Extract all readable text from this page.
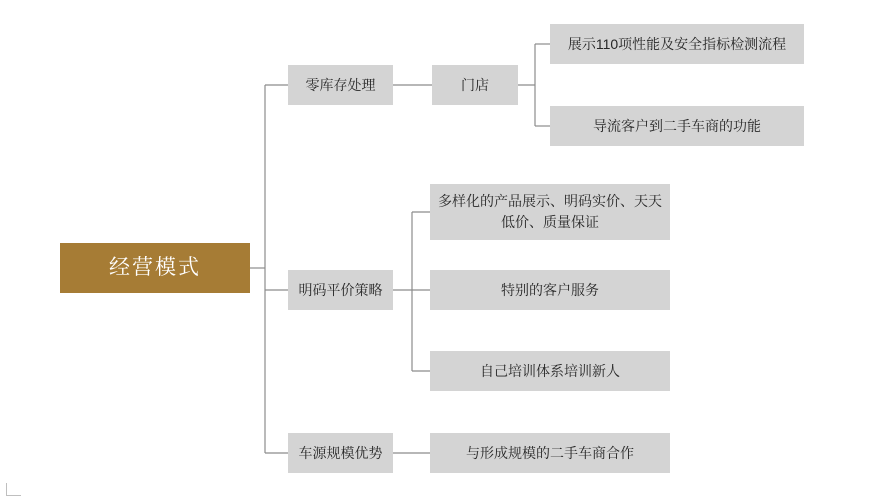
经营模式
零库存处理	门店
展示110项性能及安全指标检测流程
导流客户到二手车商的功能
明码平价策略
多样化的产品展示、明码实价、天天低价、质量保证
特别的客户服务
自己培训体系培训新人
车源规模优势	与形成规模的二手车商合作
